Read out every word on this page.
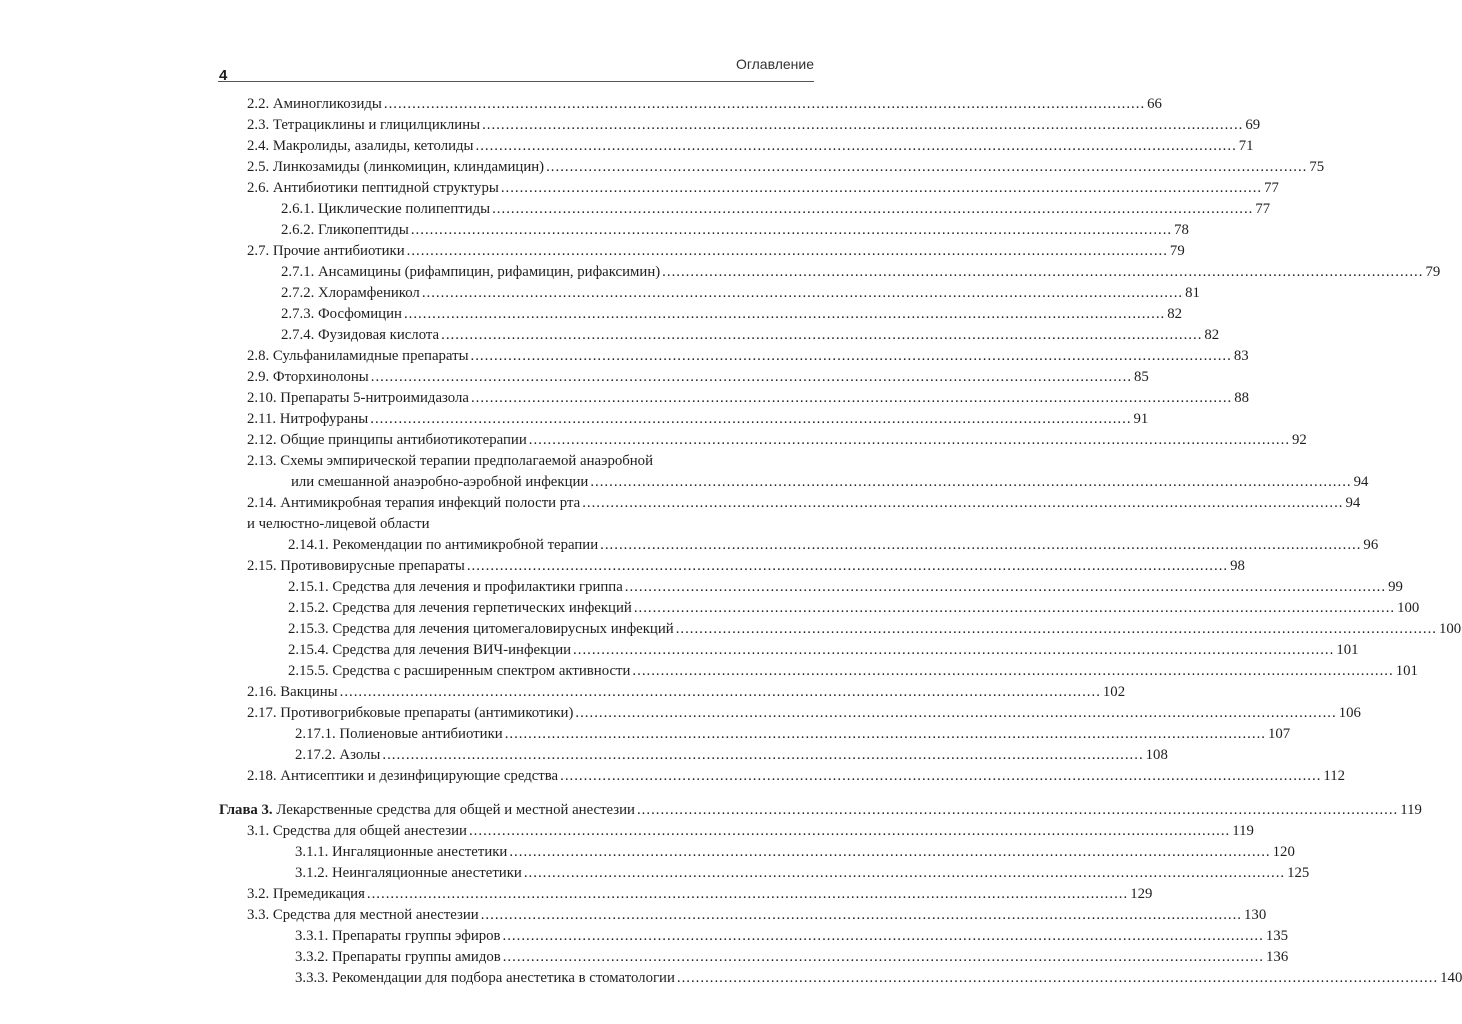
4
Оглавление
2.2. Аминогликозиды .....	66
2.3. Тетрациклины и глицилциклины .....	69
2.4. Макролиды, азалиды, кетолиды .....	71
2.5. Линкозамиды (линкомицин, клиндамицин) .....	75
2.6. Антибиотики пептидной структуры .....	77
2.6.1. Циклические полипептиды .....	77
2.6.2. Гликопептиды .....	78
2.7. Прочие антибиотики .....	79
2.7.1. Ансамицины (рифампицин, рифамицин, рифаксимин) .....	79
2.7.2. Хлорамфеникол .....	81
2.7.3. Фосфомицин .....	82
2.7.4. Фузидовая кислота .....	82
2.8. Сульфаниламидные препараты .....	83
2.9. Фторхинолоны .....	85
2.10. Препараты 5-нитроимидазола .....	88
2.11. Нитрофураны .....	91
2.12. Общие принципы антибиотикотерапии .....	92
2.13. Схемы эмпирической терапии предполагаемой анаэробной
или смешанной анаэробно-аэробной инфекции .....	94
2.14. Антимикробная терапия инфекций полости рта .....	94
и челюстно-лицевой области
2.14.1. Рекомендации по антимикробной терапии .....	96
2.15. Противовирусные препараты .....	98
2.15.1. Средства для лечения и профилактики гриппа .....	99
2.15.2. Средства для лечения герпетических инфекций .....	100
2.15.3. Средства для лечения цитомегаловирусных инфекций .....	100
2.15.4. Средства для лечения ВИЧ-инфекции .....	101
2.15.5. Средства с расширенным спектром активности .....	101
2.16. Вакцины .....	102
2.17. Противогрибковые препараты (антимикотики) .....	106
2.17.1. Полиеновые антибиотики .....	107
2.17.2. Азолы .....	108
2.18. Антисептики и дезинфицирующие средства .....	112
Глава 3. Лекарственные средства для общей и местной анестезии .....	119
3.1. Средства для общей анестезии .....	119
3.1.1. Ингаляционные анестетики .....	120
3.1.2. Неингаляционные анестетики .....	125
3.2. Премедикация .....	129
3.3. Средства для местной анестезии .....	130
3.3.1. Препараты группы эфиров .....	135
3.3.2. Препараты группы амидов .....	136
3.3.3. Рекомендации для подбора анестетика в стоматологии .....	140
